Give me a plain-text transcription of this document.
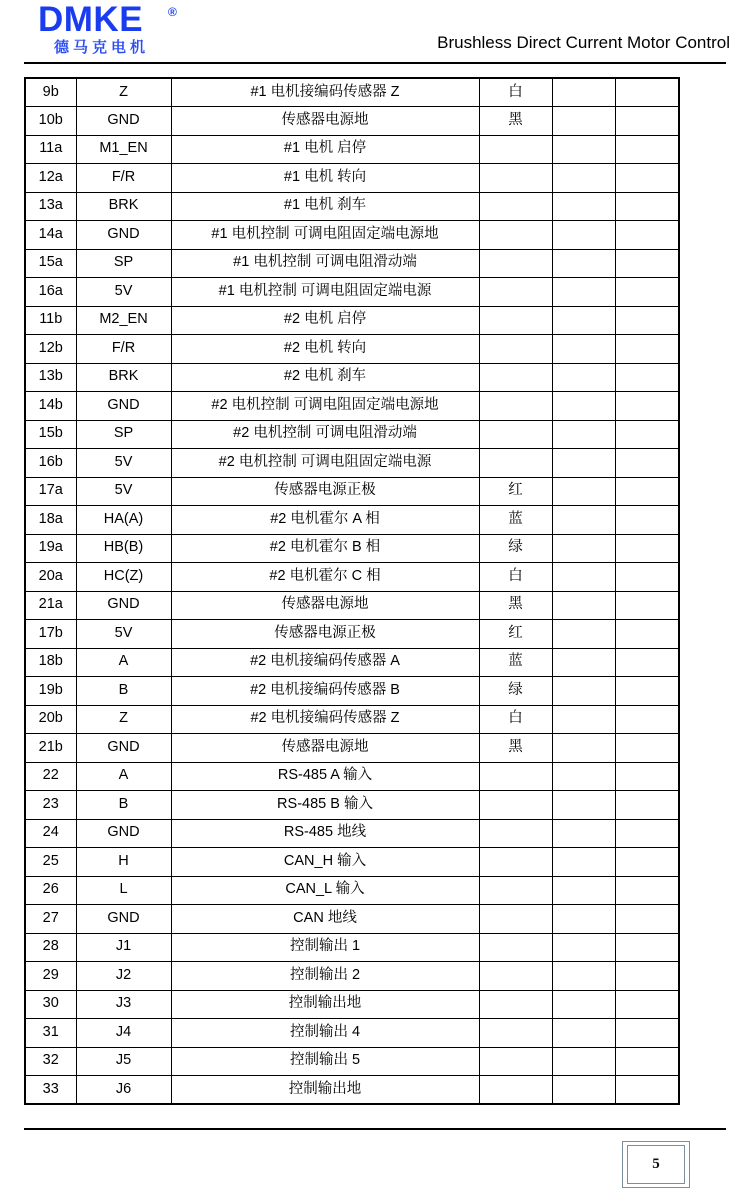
DMKE ®
德马克电机	Brushless Direct Current Motor Control
9b	Z	#1 电机接编码传感器 Z	白		
10b	GND	传感器电源地	黑		
11a	M1_EN	#1 电机 启停			
12a	F/R	#1 电机 转向			
13a	BRK	#1 电机 刹车			
14a	GND	#1 电机控制 可调电阻固定端电源地			
15a	SP	#1 电机控制 可调电阻滑动端			
16a	5V	#1 电机控制 可调电阻固定端电源			
11b	M2_EN	#2 电机 启停			
12b	F/R	#2 电机 转向			
13b	BRK	#2 电机 刹车			
14b	GND	#2 电机控制 可调电阻固定端电源地			
15b	SP	#2 电机控制 可调电阻滑动端			
16b	5V	#2 电机控制 可调电阻固定端电源			
17a	5V	传感器电源正极	红		
18a	HA(A)	#2 电机霍尔 A 相	蓝		
19a	HB(B)	#2 电机霍尔 B 相	绿		
20a	HC(Z)	#2 电机霍尔 C 相	白		
21a	GND	传感器电源地	黑		
17b	5V	传感器电源正极	红		
18b	A	#2 电机接编码传感器 A	蓝		
19b	B	#2 电机接编码传感器 B	绿		
20b	Z	#2 电机接编码传感器 Z	白		
21b	GND	传感器电源地	黑		
22	A	RS-485 A 输入			
23	B	RS-485 B 输入			
24	GND	RS-485 地线			
25	H	CAN_H 输入			
26	L	CAN_L 输入			
27	GND	CAN 地线			
28	J1	控制输出 1			
29	J2	控制输出 2			
30	J3	控制输出地			
31	J4	控制输出 4			
32	J5	控制输出 5			
33	J6	控制输出地			
5
